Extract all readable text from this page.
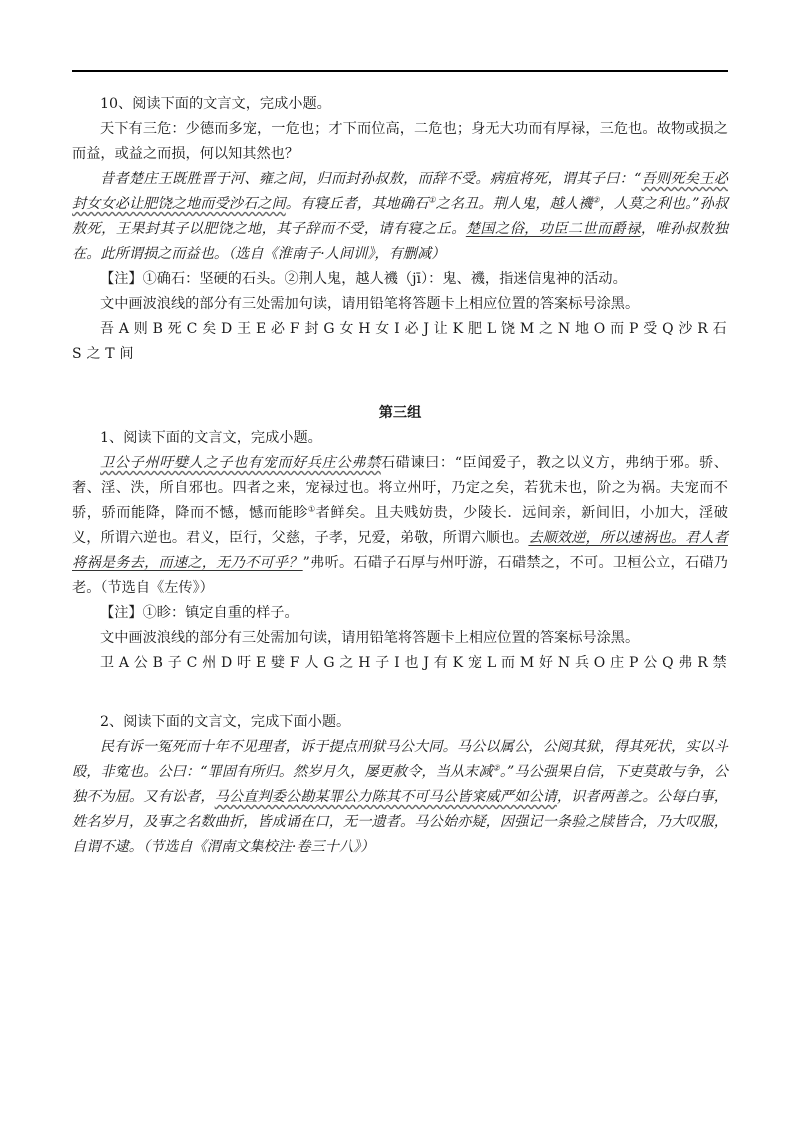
10、阅读下面的文言文，完成小题。

天下有三危：少德而多宠，一危也；才下而位高，二危也；身无大功而有厚禄，三危也。故物或损之而益，或益之而损，何以知其然也？

昔者楚庄王既胜晋于河、雍之间，归而封孙叔敖，而辞不受。病疽将死，谓其子曰：“吾则死矣王必封女女必让肥饶之地而受沙石之间。有寝丘者，其地确石①之名丑。荆人鬼，越人禨②，人莫之利也。”孙叔敖死，王果封其子以肥饶之地，其子辞而不受，请有寝之丘。楚国之俗，功臣二世而爵禄，唯孙叔敖独在。此所谓损之而益也。（选自《淮南子·人间训》，有删减）

【注】①确石：坚硬的石头。②荆人鬼，越人禨（jī）：鬼、禨，指迷信鬼神的活动。

文中画波浪线的部分有三处需加句读，请用铅笔将答题卡上相应位置的答案标号涂黑。

吾 A 则 B 死 C 矣 D 王 E 必 F 封 G 女 H 女 I 必 J 让 K 肥 L 饶 M 之 N 地 O 而 P 受 Q 沙 R 石 S 之 T 间

第三组

1、阅读下面的文言文，完成小题。

卫公子州吁嬖人之子也有宠而好兵庄公弗禁石碏谏曰：“臣闻爱子，教之以义方，弗纳于邪。骄、奢、淫、泆，所自邪也。四者之来，宠禄过也。将立州吁，乃定之矣，若犹未也，阶之为祸。夫宠而不骄，骄而能降，降而不憾，憾而能眕①者鲜矣。且夫贱妨贵，少陵长．远间亲，新间旧，小加大，淫破义，所谓六逆也。君义，臣行，父慈，子孝，兄爱，弟敬，所谓六顺也。去顺效逆，所以速祸也。君人者将祸是务去，而速之，无乃不可乎？”弗听。石碏子石厚与州吁游，石碏禁之，不可。卫桓公立，石碏乃老。（节选自《左传》）

【注】①眕：镇定自重的样子。

文中画波浪线的部分有三处需加句读，请用铅笔将答题卡上相应位置的答案标号涂黑。

卫 A 公 B 子 C 州 D 吁 E 嬖 F 人 G 之 H 子 I 也 J 有 K 宠 L 而 M 好 N 兵 O 庄 P 公 Q 弗 R 禁

2、阅读下面的文言文，完成下面小题。

民有诉一冤死而十年不见理者，诉于提点刑狱马公大同。马公以属公，公阅其狱，得其死状，实以斗殴，非寃也。公曰：“罪固有所归。然岁月久，屡更赦令，当从末减②。”马公强果自信，下吏莫敢与争，公独不为屈。又有讼者，马公直判委公勘某罪公力陈其不可马公皆寀威严如公请，识者两善之。公每白事，姓名岁月，及事之名数曲折，皆成诵在口，无一遗者。马公始亦疑，因强记一条验之牍皆合，乃大叹服，自谓不逮。（节选自《渭南文集校注·卷三十八》）
